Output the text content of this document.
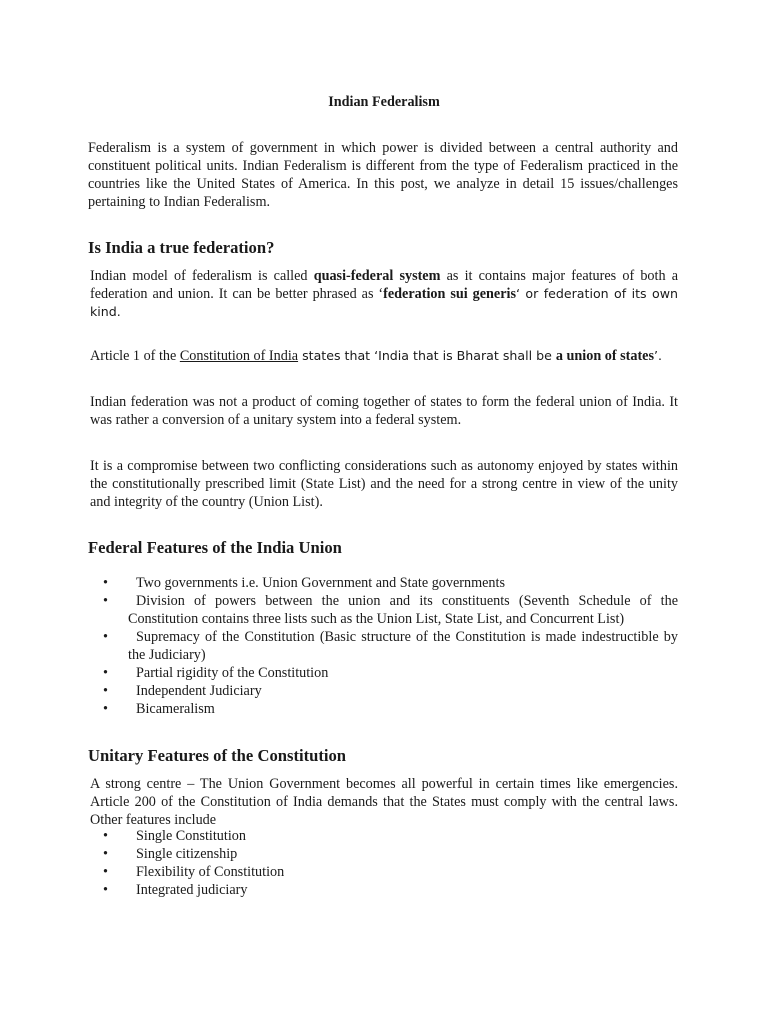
Indian Federalism

Federalism is a system of government in which power is divided between a central authority and constituent political units. Indian Federalism is different from the type of Federalism practiced in the countries like the United States of America. In this post, we analyze in detail 15 issues/challenges pertaining to Indian Federalism.

Is India a true federation?

Indian model of federalism is called quasi-federal system as it contains major features of both a federation and union. It can be better phrased as ‘federation sui generis‘ or federation of its own kind.

Article 1 of the Constitution of India states that ‘India that is Bharat shall be a union of states’.

Indian federation was not a product of coming together of states to form the federal union of India. It was rather a conversion of a unitary system into a federal system.

It is a compromise between two conflicting considerations such as autonomy enjoyed by states within the constitutionally prescribed limit (State List) and the need for a strong centre in view of the unity and integrity of the country (Union List).

Federal Features of the India Union
•	Two governments i.e. Union Government and State governments
•	Division of powers between the union and its constituents (Seventh Schedule of the Constitution contains three lists such as the Union List, State List, and Concurrent List)
•	Supremacy of the Constitution (Basic structure of the Constitution is made indestructible by the Judiciary)
•	Partial rigidity of the Constitution
•	Independent Judiciary
•	Bicameralism
Unitary Features of the Constitution

A strong centre – The Union Government becomes all powerful in certain times like emergencies. Article 200 of the Constitution of India demands that the States must comply with the central laws. Other features include

•	Single Constitution
•	Single citizenship
•	Flexibility of Constitution
•	Integrated judiciary
